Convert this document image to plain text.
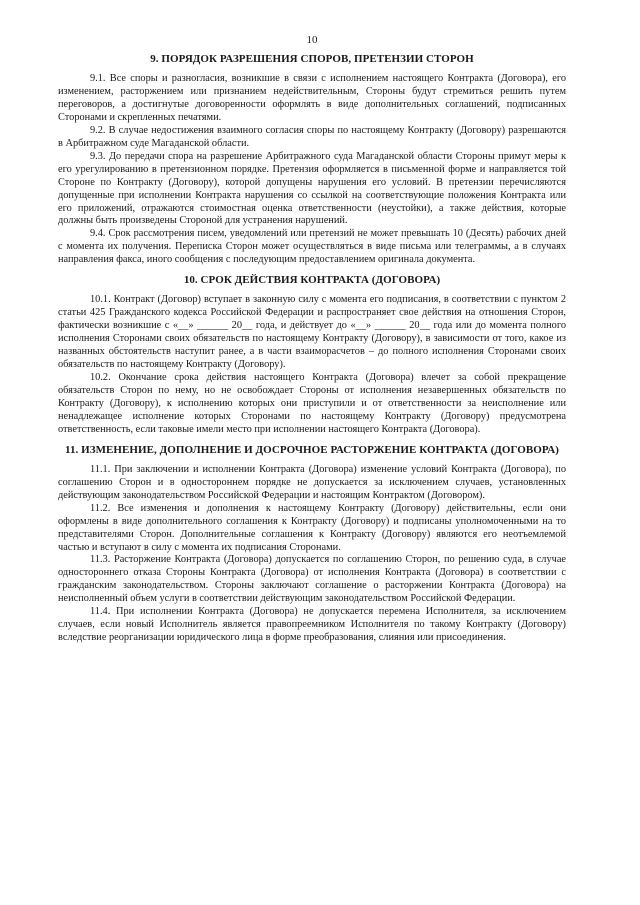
10
9. ПОРЯДОК РАЗРЕШЕНИЯ СПОРОВ, ПРЕТЕНЗИИ СТОРОН

9.1. Все споры и разногласия, возникшие в связи с исполнением настоящего Контракта (Договора), его изменением, расторжением или признанием недействительным, Стороны будут стремиться решить путем переговоров, а достигнутые договоренности оформлять в виде дополнительных соглашений, подписанных Сторонами и скрепленных печатями.

9.2. В случае недостижения взаимного согласия споры по настоящему Контракту (Договору) разрешаются в Арбитражном суде Магаданской области.

9.3. До передачи спора на разрешение Арбитражного суда Магаданской области Стороны примут меры к его урегулированию в претензионном порядке. Претензия оформляется в письменной форме и направляется той Стороне по Контракту (Договору), которой допущены нарушения его условий. В претензии перечисляются допущенные при исполнении Контракта нарушения со ссылкой на соответствующие положения Контракта или его приложений, отражаются стоимостная оценка ответственности (неустойки), а также действия, которые должны быть произведены Стороной для устранения нарушений.

9.4. Срок рассмотрения писем, уведомлений или претензий не может превышать 10 (Десять) рабочих дней с момента их получения. Переписка Сторон может осуществляться в виде письма или телеграммы, а в случаях направления факса, иного сообщения с последующим предоставлением оригинала документа.

10. СРОК ДЕЙСТВИЯ КОНТРАКТА (ДОГОВОРА)

10.1. Контракт (Договор) вступает в законную силу с момента его подписания, в соответствии с пунктом 2 статьи 425 Гражданского кодекса Российской Федерации и распространяет свое действия на отношения Сторон, фактически возникшие с «__» ______ 20__ года, и действует до «__» ______ 20__ года или до момента полного исполнения Сторонами своих обязательств по настоящему Контракту (Договору), в зависимости от того, какое из названных обстоятельств наступит ранее, а в части взаиморасчетов – до полного исполнения Сторонами своих обязательств по настоящему Контракту (Договору).

10.2. Окончание срока действия настоящего Контракта (Договора) влечет за собой прекращение обязательств Сторон по нему, но не освобождает Стороны от исполнения незавершенных обязательств по Контракту (Договору), к исполнению которых они приступили и от ответственности за неисполнение или ненадлежащее исполнение которых Сторонами по настоящему Контракту (Договору) предусмотрена ответственность, если таковые имели место при исполнении настоящего Контракта (Договора).

11. ИЗМЕНЕНИЕ, ДОПОЛНЕНИЕ И ДОСРОЧНОЕ РАСТОРЖЕНИЕ КОНТРАКТА (ДОГОВОРА)

11.1. При заключении и исполнении Контракта (Договора) изменение условий Контракта (Договора), по соглашению Сторон и в одностороннем порядке не допускается за исключением случаев, установленных действующим законодательством Российской Федерации и настоящим Контрактом (Договором).

11.2. Все изменения и дополнения к настоящему Контракту (Договору) действительны, если они оформлены в виде дополнительного соглашения к Контракту (Договору) и подписаны уполномоченными на то представителями Сторон. Дополнительные соглашения к Контракту (Договору) являются его неотъемлемой частью и вступают в силу с момента их подписания Сторонами.

11.3. Расторжение Контракта (Договора) допускается по соглашению Сторон, по решению суда, в случае одностороннего отказа Стороны Контракта (Договора) от исполнения Контракта (Договора) в соответствии с гражданским законодательством. Стороны заключают соглашение о расторжении Контракта (Договора) на неисполненный объем услуги в соответствии действующим законодательством Российской Федерации.

11.4. При исполнении Контракта (Договора) не допускается перемена Исполнителя, за исключением случаев, если новый Исполнитель является правопреемником Исполнителя по такому Контракту (Договору) вследствие реорганизации юридического лица в форме преобразования, слияния или присоединения.
